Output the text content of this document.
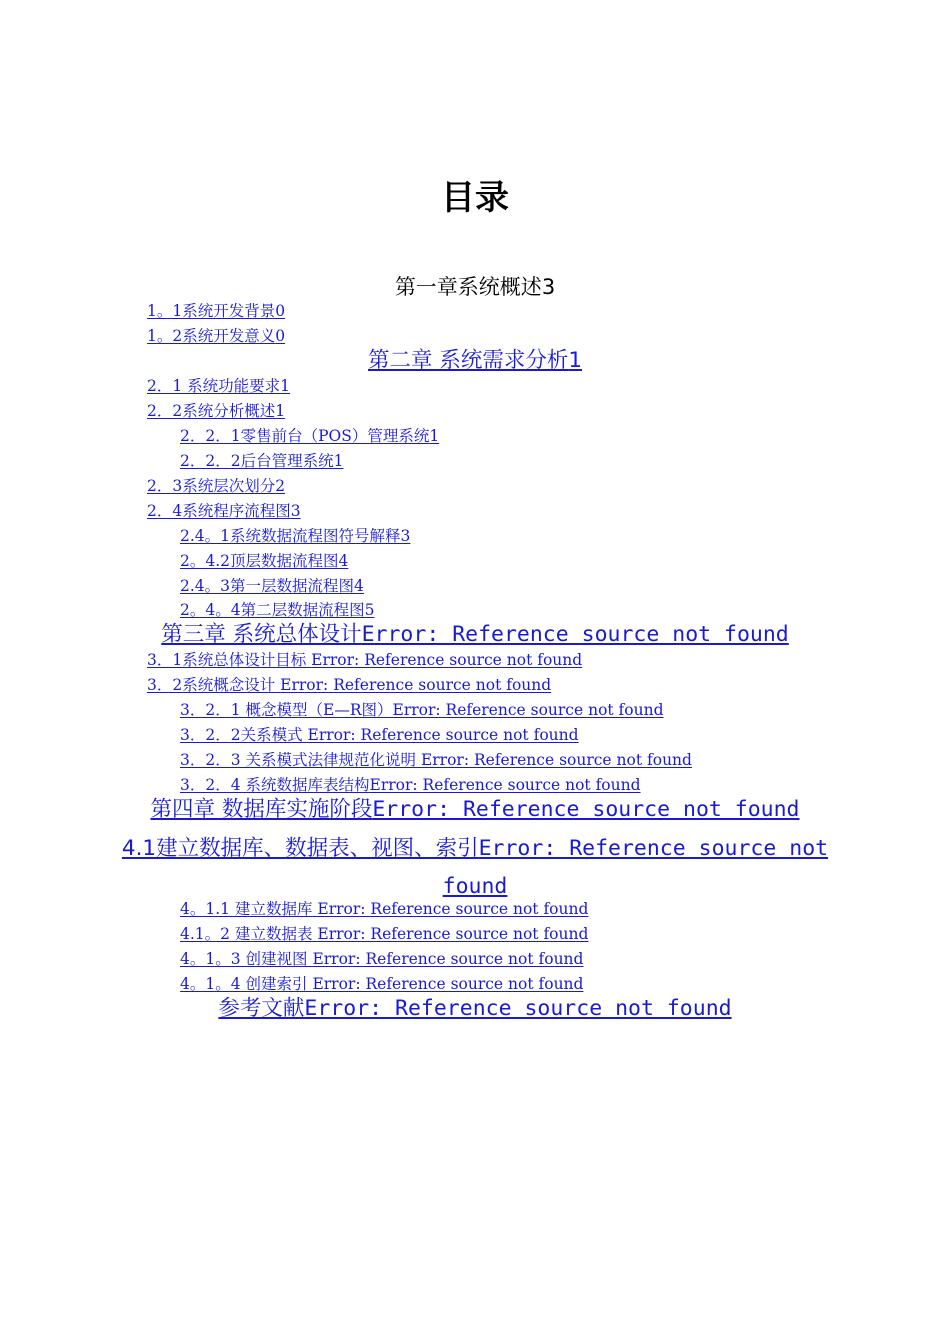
目录
第一章系统概述3
1。1系统开发背景0
1。2系统开发意义0
第二章 系统需求分析1
2．1 系统功能要求1
2．2系统分析概述1
2．2．1零售前台（POS）管理系统1
2．2．2后台管理系统1
2．3系统层次划分2
2．4系统程序流程图3
2.4。1系统数据流程图符号解释3
2。4.2顶层数据流程图4
2.4。3第一层数据流程图4
2。4。4第二层数据流程图5
第三章 系统总体设计Error: Reference source not found
3．1系统总体设计目标 Error: Reference source not found
3．2系统概念设计 Error: Reference source not found
3．2．1 概念模型（E—R图）Error: Reference source not found
3．2．2关系模式 Error: Reference source not found
3．2．3 关系模式法律规范化说明 Error: Reference source not found
3．2．4 系统数据库表结构Error: Reference source not found
第四章 数据库实施阶段Error: Reference source not found
4.1建立数据库、数据表、视图、索引Error: Reference source not found
4。1.1 建立数据库 Error: Reference source not found
4.1。2 建立数据表 Error: Reference source not found
4。1。3 创建视图 Error: Reference source not found
4。1。4 创建索引 Error: Reference source not found
参考文献Error: Reference source not found
